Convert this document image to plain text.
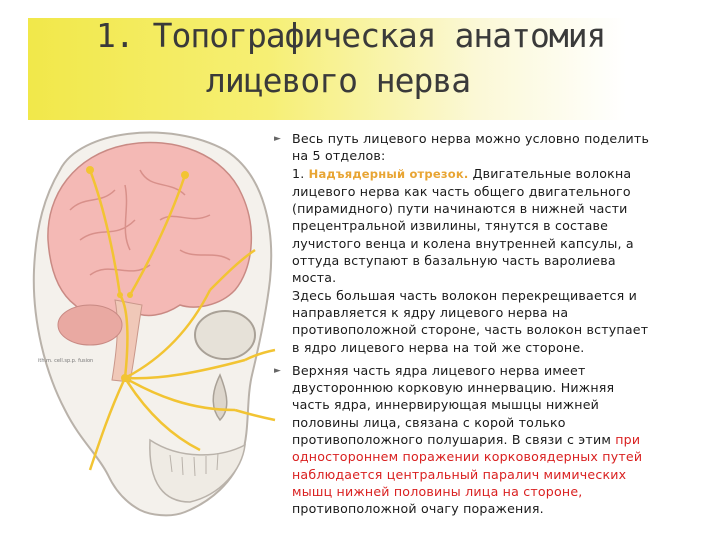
1. Топографическая анатомия
лицевого нерва
ith.m. cell.sp.p. fusion
► Весь путь лицевого нерва можно условно поделить
на 5 отделов:
1. Надъядерный отрезок. Двигательные волокна
лицевого нерва как часть общего двигательного
(пирамидного) пути начинаются в нижней части
прецентральной извилины, тянутся в составе
лучистого венца и колена внутренней капсулы, а
оттуда вступают в базальную часть варолиева
моста.
Здесь большая часть волокон перекрещивается и
направляется к ядру лицевого нерва на
противоположной стороне, часть волокон вступает
в ядро лицевого нерва на той же стороне.
► Верхняя часть ядра лицевого нерва имеет
двустороннюю корковую иннервацию. Нижняя
часть ядра, иннервирующая мышцы нижней
половины лица, связана с корой только
противоположного полушария. В связи с этим при
одностороннем поражении корковоядерных путей
наблюдается центральный паралич мимических
мышц нижней половины лица на стороне,
противоположной очагу поражения.
